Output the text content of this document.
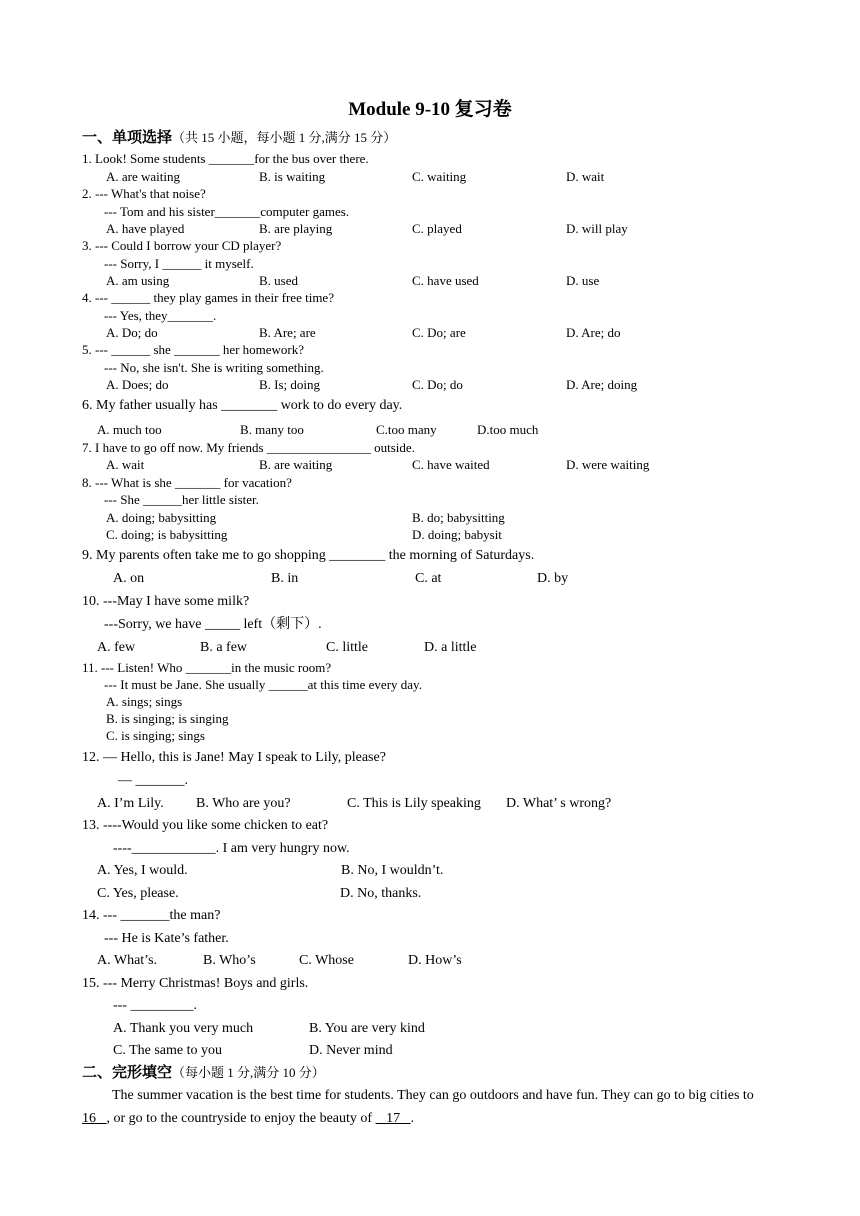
Module 9-10 复习卷
一、单项选择（共 15 小题，每小题 1 分,满分 15 分）
1. Look! Some students _______for the bus over there.
A. are waiting	B. is waiting	C. waiting	D. wait
2. --- What's that noise?
--- Tom and his sister_______computer games.
A. have played	B. are playing	C. played	D. will play
3. --- Could I borrow your CD player?
--- Sorry, I ______ it myself.
A. am using	B. used	C. have used	D. use
4. --- ______ they play games in their free time?
--- Yes, they_______.
A. Do; do	B. Are; are	C. Do; are	D. Are; do
5. --- ______ she _______ her homework?
--- No, she isn't. She is writing something.
A. Does; do	B. Is; doing	C. Do; do	D. Are; doing
6. My father usually has ________ work to do every day.
A. much too	B. many too	C.too many	D.too much
7. I have to go off now. My friends ________________ outside.
A. wait	B. are waiting	C. have waited	D. were waiting
8. --- What is she _______ for vacation?
--- She ______her little sister.
A. doing; babysitting	B. do; babysitting
C. doing; is babysitting	D. doing; babysit
9. My parents often take me to go shopping ________ the morning of Saturdays.
A. on	B. in	C. at	D. by
10. ---May I have some milk?
---Sorry, we have _____ left（剩下）.
A. few	B. a few	C. little	D. a little
11. --- Listen! Who _______in the music room?
--- It must be Jane. She usually ______at this time every day.
A. sings; sings
B. is singing; is singing
C. is singing; sings
12. — Hello, this is Jane! May I speak to Lily, please?
— _______.
A. I’m Lily. B. Who are you?	C. This is Lily speaking D. What’ s wrong?
13. ----Would you like some chicken to eat?
----____________. I am very hungry now.
A. Yes, I would.	B. No, I wouldn’t.
C. Yes, please.	D. No, thanks.
14. --- _______the man?
--- He is Kate’s father.
A. What’s.	B. Who’s	C. Whose	D. How’s
15. --- Merry Christmas! Boys and girls.
--- _________.
A. Thank you very much	B. You are very kind
C. The same to you	D. Never mind
二、完形填空（每小题 1 分,满分 10 分）
The summer vacation is the best time for students. They can go outdoors and have fun. They can go to big cities to
16 , or go to the countryside to enjoy the beauty of    17 .
